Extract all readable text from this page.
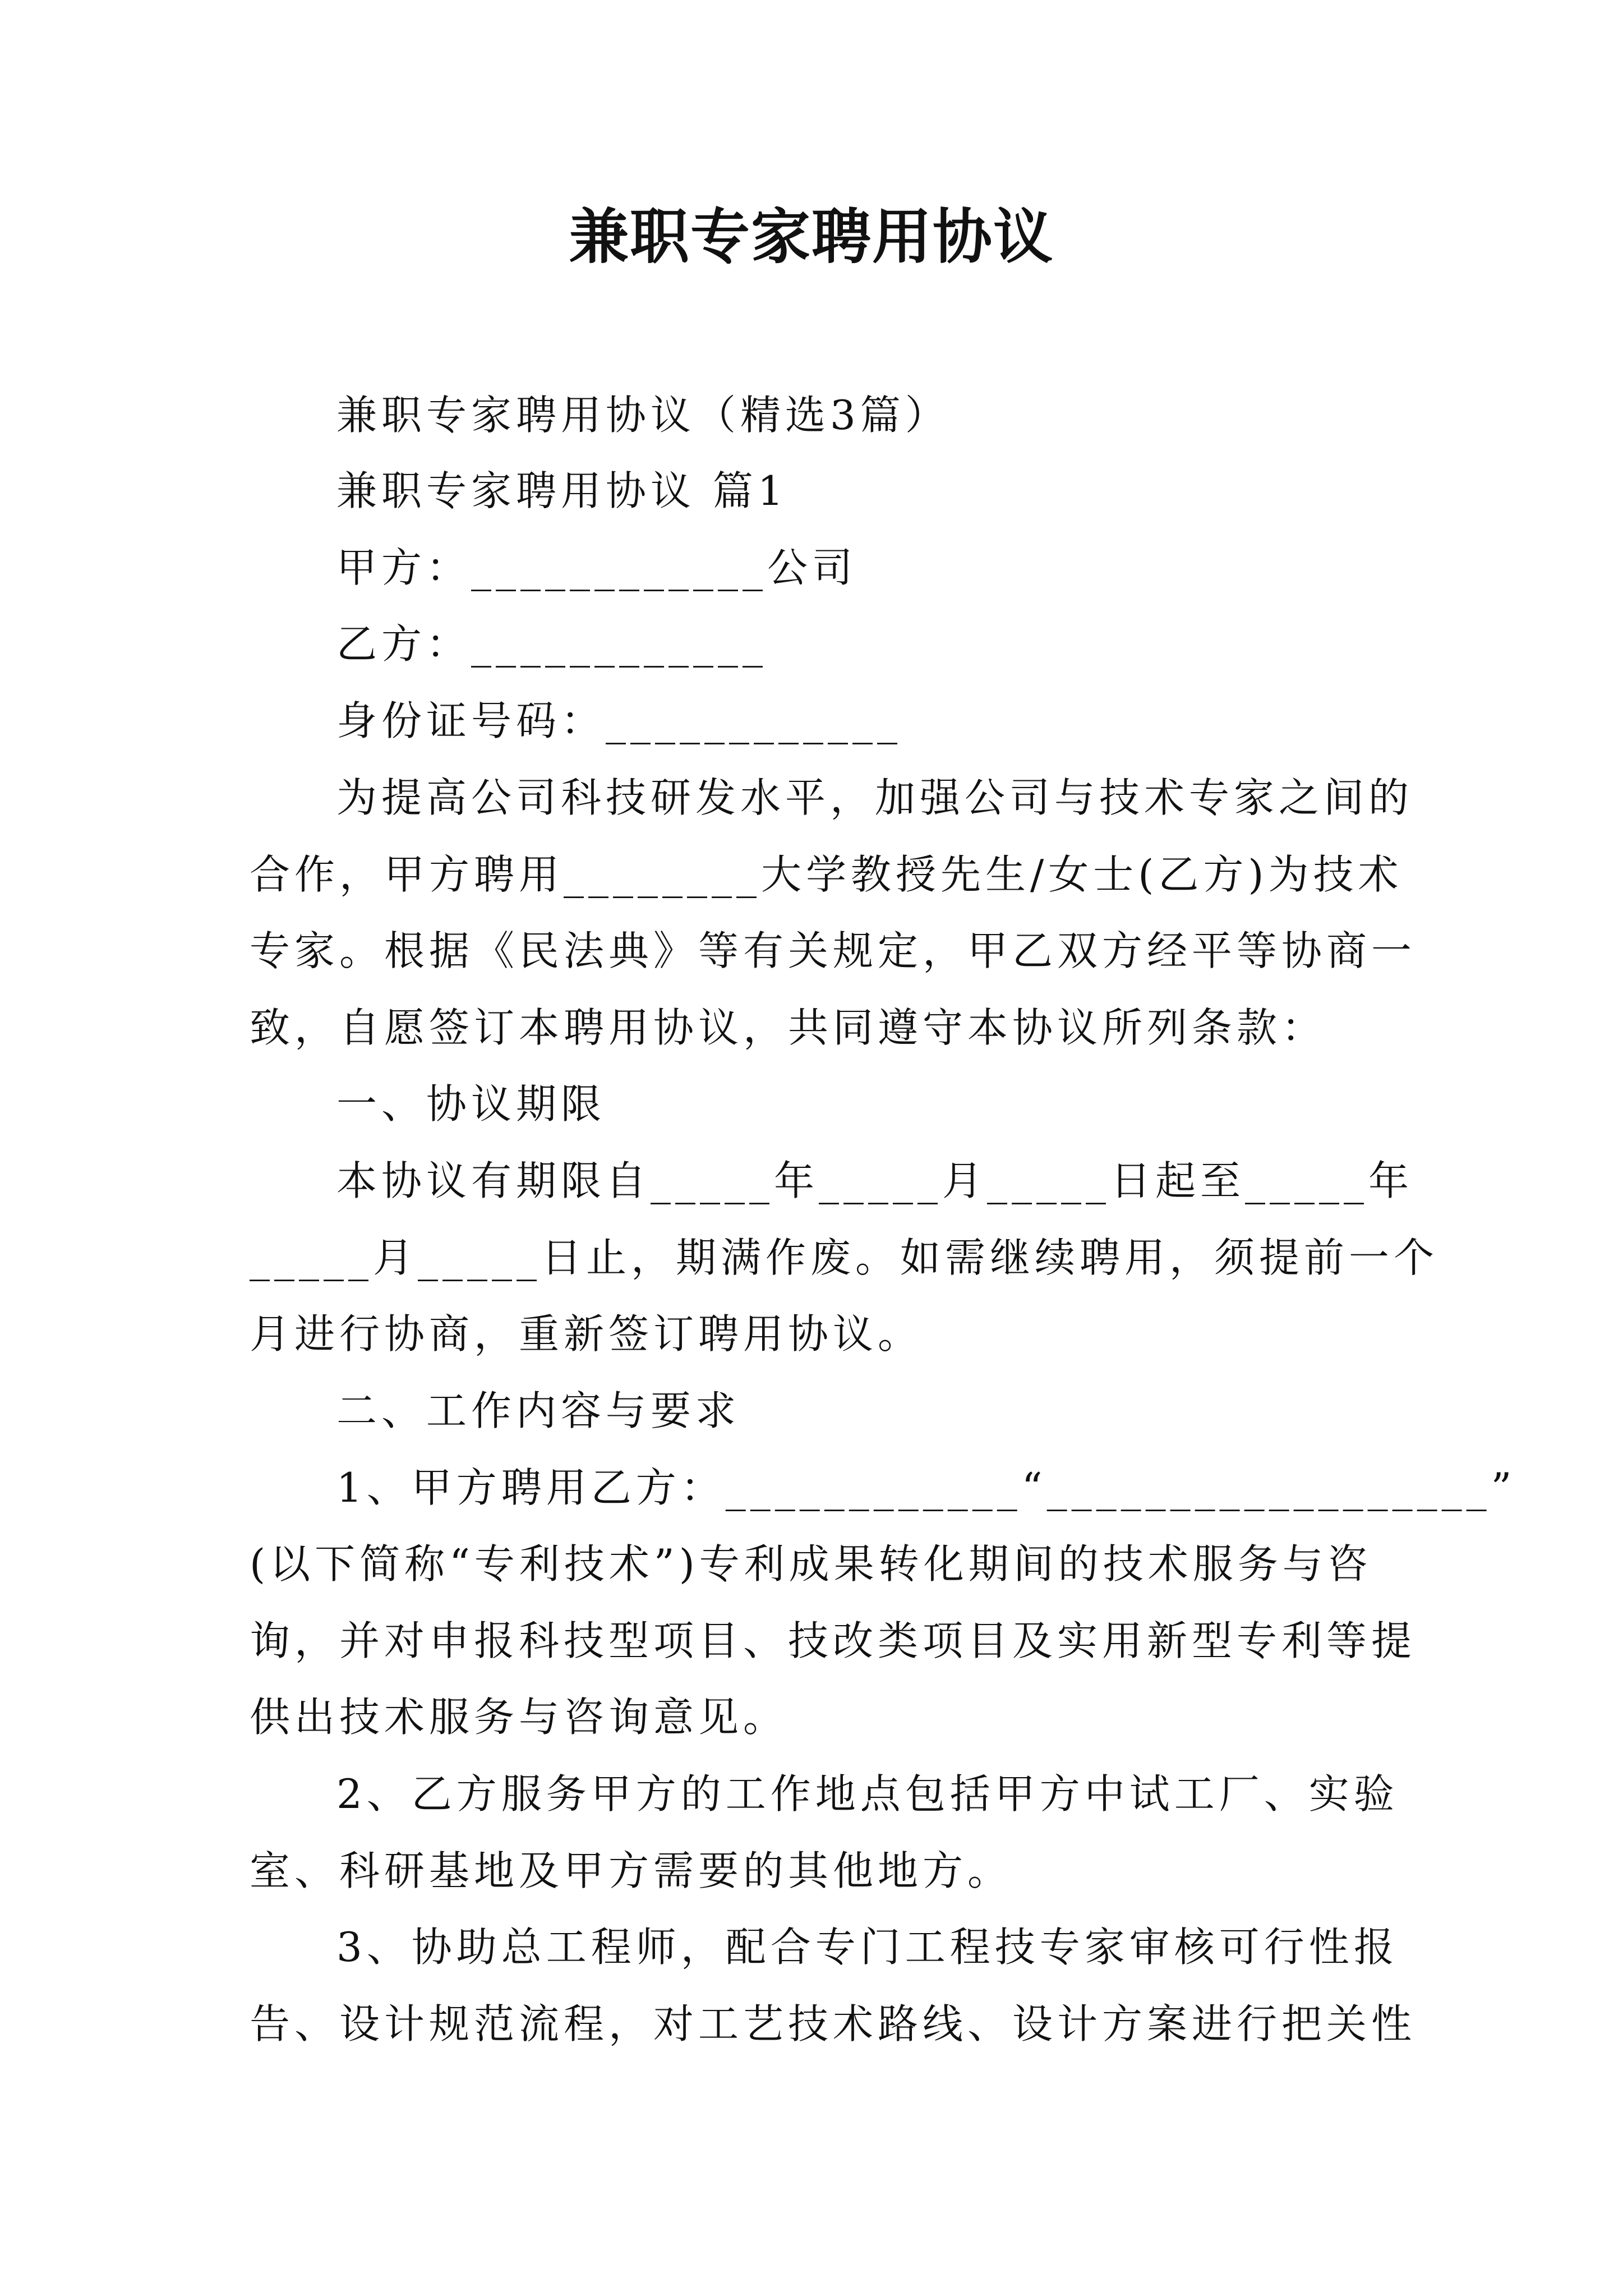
兼职专家聘用协议
兼职专家聘用协议（精选3篇）
兼职专家聘用协议 篇1
甲方：____________公司
乙方：____________
身份证号码：____________
为提高公司科技研发水平，加强公司与技术专家之间的
合作，甲方聘用________大学教授先生/女士(乙方)为技术
专家。根据《民法典》等有关规定，甲乙双方经平等协商一
致，自愿签订本聘用协议，共同遵守本协议所列条款：
一、协议期限
本协议有期限自_____年_____月_____日起至_____年
_____月_____日止，期满作废。如需继续聘用，须提前一个
月进行协商，重新签订聘用协议。
二、工作内容与要求
1、甲方聘用乙方：____________“__________________”
(以下简称“专利技术”)专利成果转化期间的技术服务与咨
询，并对申报科技型项目、技改类项目及实用新型专利等提
供出技术服务与咨询意见。
2、乙方服务甲方的工作地点包括甲方中试工厂、实验
室、科研基地及甲方需要的其他地方。
3、协助总工程师，配合专门工程技专家审核可行性报
告、设计规范流程，对工艺技术路线、设计方案进行把关性
